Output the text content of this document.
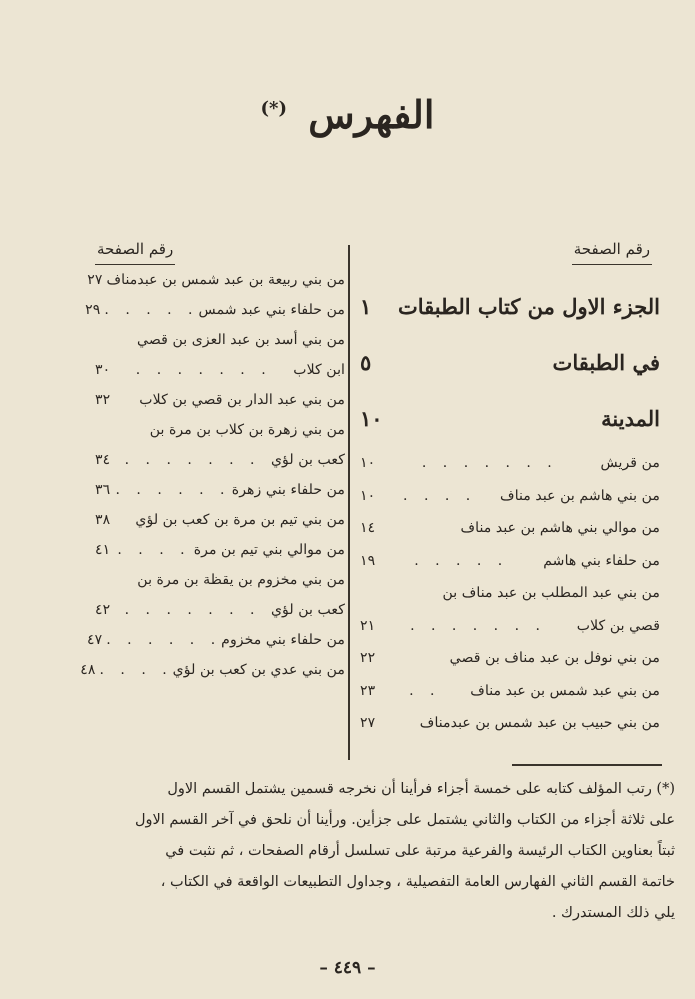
الفهرس (*)
رقم الصفحة
الجزء الاول من كتاب الطبقات
١
في الطبقات
٥
المدينة
١٠
من قريش
. . . . . . .
١٠
من بني هاشم بن عبد مناف
. . . .
١٠
من موالي بني هاشم بن عبد مناف
١٤
من حلفاء بني هاشم
. . . . .
١٩
من بني عبد المطلب بن عبد مناف بن
قصي بن كلاب
. . . . . . .
٢١
من بني نوفل بن عبد مناف بن قصي
٢٢
من بني عبد شمس بن عبد مناف
. .
٢٣
من بني حبيب بن عبد شمس بن عبدمناف
٢٧
رقم الصفحة
من بني ربيعة بن عبد شمس بن عبدمناف
٢٧
من حلفاء بني عبد شمس
. . . . .
٢٩
من بني أسد بن عبد العزى بن قصي
ابن كلاب
. . . . . . .
٣٠
من بني عبد الدار بن قصي بن كلاب
٣٢
من بني زهرة بن كلاب بن مرة بن
كعب بن لؤي
. . . . . . .
٣٤
من حلفاء بني زهرة
. . . . . .
٣٦
من بني تيم بن مرة بن كعب بن لؤي
٣٨
من موالي بني تيم بن مرة
. . . .
٤١
من بني مخزوم بن يقظة بن مرة بن
كعب بن لؤي
. . . . . . .
٤٢
من حلفاء بني مخزوم
. . . . . .
٤٧
من بني عدي بن كعب بن لؤي
. . . .
٤٨

(*) رتب المؤلف كتابه على خمسة أجزاء فرأينا أن نخرجه قسمين يشتمل القسم الاول

على ثلاثة أجزاء من الكتاب والثاني يشتمل على جزأين. ورأينا أن نلحق في آخر القسم الاول

ثبتاً بعناوين الكتاب الرئيسة والفرعية مرتبة على تسلسل أرقام الصفحات ، ثم نثبت في

خاتمة القسم الثاني الفهارس العامة التفصيلية ، وجداول التطبيعات الواقعة في الكتاب ،

يلي ذلك المستدرك .

– ٤٤٩ –
